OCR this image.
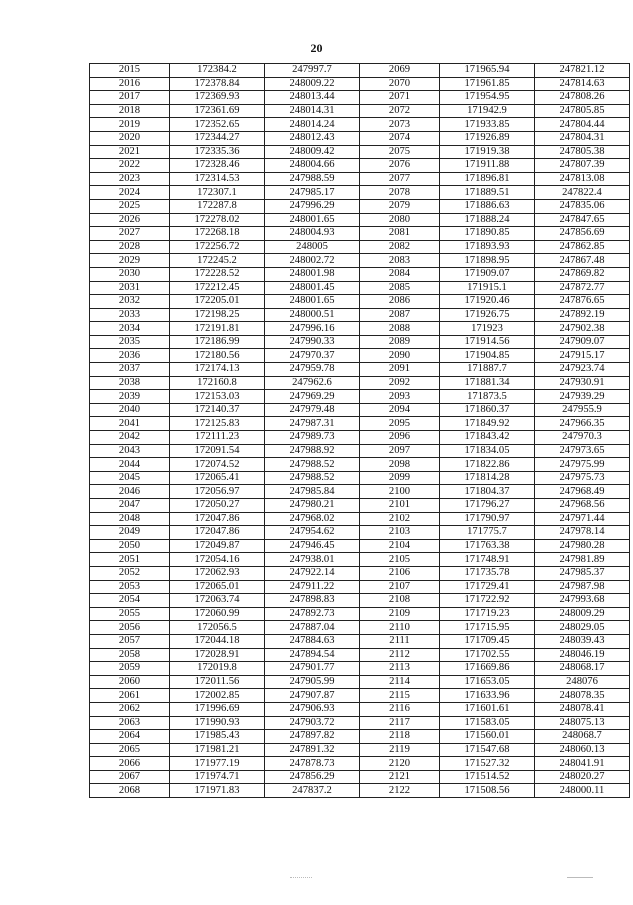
20
2015	172384.2	247997.7	2069	171965.94	247821.12
2016	172378.84	248009.22	2070	171961.85	247814.63
2017	172369.93	248013.44	2071	171954.95	247808.26
2018	172361.69	248014.31	2072	171942.9	247805.85
2019	172352.65	248014.24	2073	171933.85	247804.44
2020	172344.27	248012.43	2074	171926.89	247804.31
2021	172335.36	248009.42	2075	171919.38	247805.38
2022	172328.46	248004.66	2076	171911.88	247807.39
2023	172314.53	247988.59	2077	171896.81	247813.08
2024	172307.1	247985.17	2078	171889.51	247822.4
2025	172287.8	247996.29	2079	171886.63	247835.06
2026	172278.02	248001.65	2080	171888.24	247847.65
2027	172268.18	248004.93	2081	171890.85	247856.69
2028	172256.72	248005	2082	171893.93	247862.85
2029	172245.2	248002.72	2083	171898.95	247867.48
2030	172228.52	248001.98	2084	171909.07	247869.82
2031	172212.45	248001.45	2085	171915.1	247872.77
2032	172205.01	248001.65	2086	171920.46	247876.65
2033	172198.25	248000.51	2087	171926.75	247892.19
2034	172191.81	247996.16	2088	171923	247902.38
2035	172186.99	247990.33	2089	171914.56	247909.07
2036	172180.56	247970.37	2090	171904.85	247915.17
2037	172174.13	247959.78	2091	171887.7	247923.74
2038	172160.8	247962.6	2092	171881.34	247930.91
2039	172153.03	247969.29	2093	171873.5	247939.29
2040	172140.37	247979.48	2094	171860.37	247955.9
2041	172125.83	247987.31	2095	171849.92	247966.35
2042	172111.23	247989.73	2096	171843.42	247970.3
2043	172091.54	247988.92	2097	171834.05	247973.65
2044	172074.52	247988.52	2098	171822.86	247975.99
2045	172065.41	247988.52	2099	171814.28	247975.73
2046	172056.97	247985.84	2100	171804.37	247968.49
2047	172050.27	247980.21	2101	171796.27	247968.56
2048	172047.86	247968.02	2102	171790.97	247971.44
2049	172047.86	247954.62	2103	171775.7	247978.14
2050	172049.87	247946.45	2104	171763.38	247980.28
2051	172054.16	247938.01	2105	171748.91	247981.89
2052	172062.93	247922.14	2106	171735.78	247985.37
2053	172065.01	247911.22	2107	171729.41	247987.98
2054	172063.74	247898.83	2108	171722.92	247993.68
2055	172060.99	247892.73	2109	171719.23	248009.29
2056	172056.5	247887.04	2110	171715.95	248029.05
2057	172044.18	247884.63	2111	171709.45	248039.43
2058	172028.91	247894.54	2112	171702.55	248046.19
2059	172019.8	247901.77	2113	171669.86	248068.17
2060	172011.56	247905.99	2114	171653.05	248076
2061	172002.85	247907.87	2115	171633.96	248078.35
2062	171996.69	247906.93	2116	171601.61	248078.41
2063	171990.93	247903.72	2117	171583.05	248075.13
2064	171985.43	247897.82	2118	171560.01	248068.7
2065	171981.21	247891.32	2119	171547.68	248060.13
2066	171977.19	247878.73	2120	171527.32	248041.91
2067	171974.71	247856.29	2121	171514.52	248020.27
2068	171971.83	247837.2	2122	171508.56	248000.11
